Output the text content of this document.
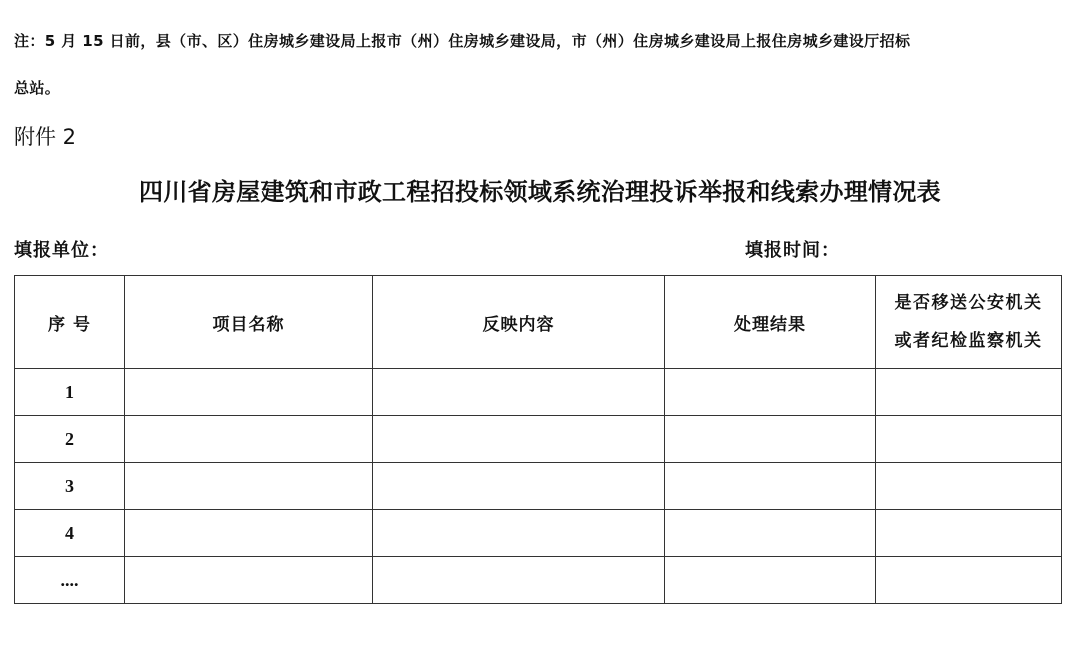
注：5 月 15 日前，县（市、区）住房城乡建设局上报市（州）住房城乡建设局，市（州）住房城乡建设局上报住房城乡建设厅招标
总站。
附件 2
四川省房屋建筑和市政工程招投标领域系统治理投诉举报和线索办理情况表
填报单位：	填报时间：
序 号	项目名称	反映内容	处理结果	是否移送公安机关
或者纪检监察机关

1				
2				
3				
4				
....				
